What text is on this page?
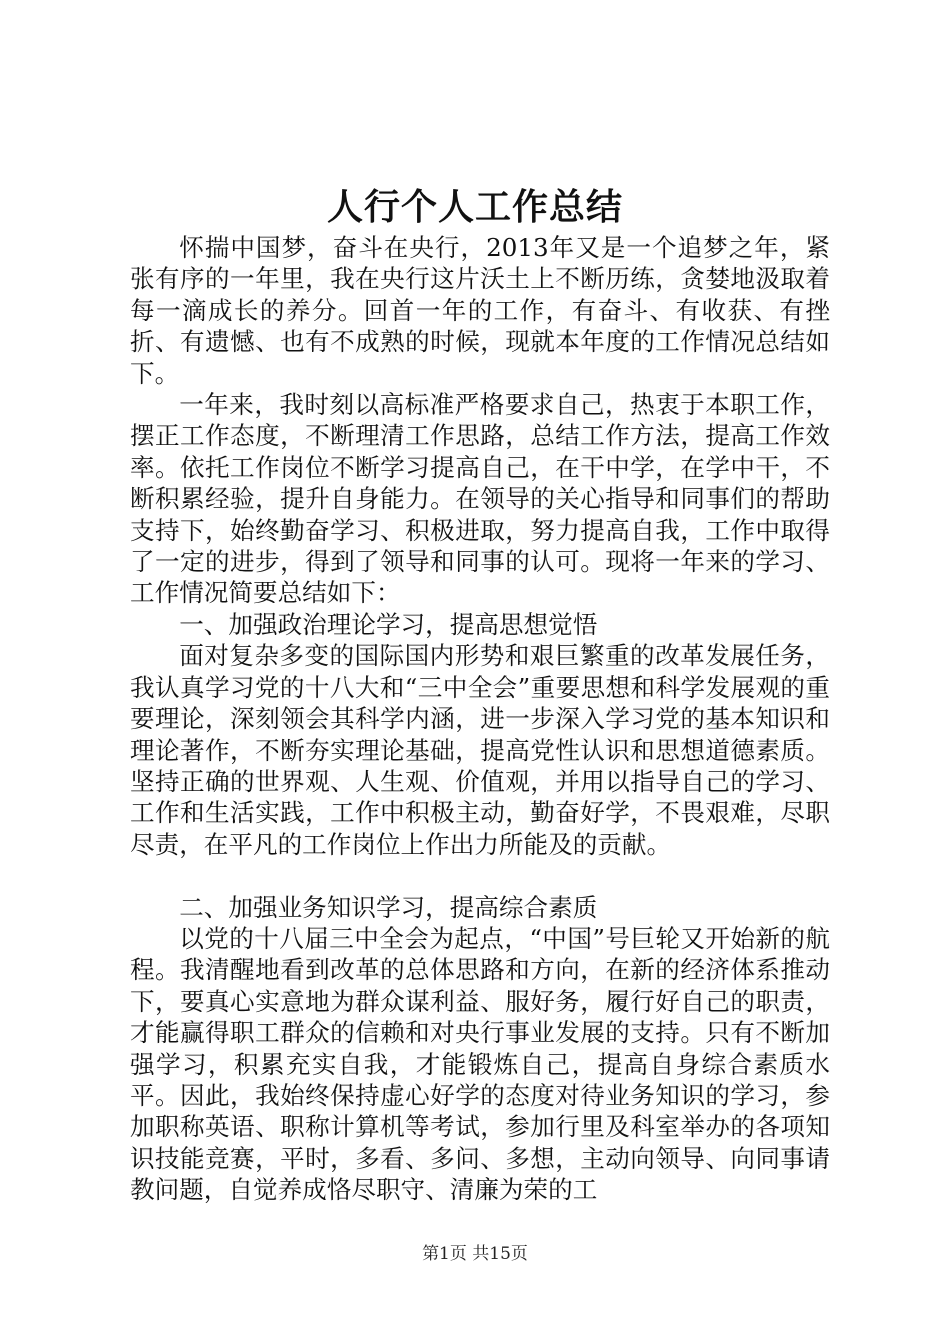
人行个人工作总结

怀揣中国梦，奋斗在央行，2013年又是一个追梦之年，紧张有序的一年里，我在央行这片沃土上不断历练，贪婪地汲取着每一滴成长的养分。回首一年的工作，有奋斗、有收获、有挫折、有遗憾、也有不成熟的时候，现就本年度的工作情况总结如下。

一年来，我时刻以高标准严格要求自己，热衷于本职工作，摆正工作态度，不断理清工作思路，总结工作方法，提高工作效率。依托工作岗位不断学习提高自己，在干中学，在学中干，不断积累经验，提升自身能力。在领导的关心指导和同事们的帮助支持下，始终勤奋学习、积极进取，努力提高自我，工作中取得了一定的进步，得到了领导和同事的认可。现将一年来的学习、工作情况简要总结如下：

一、加强政治理论学习，提高思想觉悟

面对复杂多变的国际国内形势和艰巨繁重的改革发展任务，我认真学习党的十八大和“三中全会”重要思想和科学发展观的重要理论，深刻领会其科学内涵，进一步深入学习党的基本知识和理论著作，不断夯实理论基础，提高党性认识和思想道德素质。坚持正确的世界观、人生观、价值观，并用以指导自己的学习、工作和生活实践，工作中积极主动，勤奋好学，不畏艰难，尽职尽责，在平凡的工作岗位上作出力所能及的贡献。

二、加强业务知识学习，提高综合素质

以党的十八届三中全会为起点，“中国”号巨轮又开始新的航程。我清醒地看到改革的总体思路和方向，在新的经济体系推动下，要真心实意地为群众谋利益、服好务，履行好自己的职责，才能赢得职工群众的信赖和对央行事业发展的支持。只有不断加强学习，积累充实自我，才能锻炼自己，提高自身综合素质水平。因此，我始终保持虚心好学的态度对待业务知识的学习，参加职称英语、职称计算机等考试，参加行里及科室举办的各项知识技能竞赛，平时，多看、多问、多想，主动向领导、向同事请教问题，自觉养成恪尽职守、清廉为荣的工

第1页 共15页
